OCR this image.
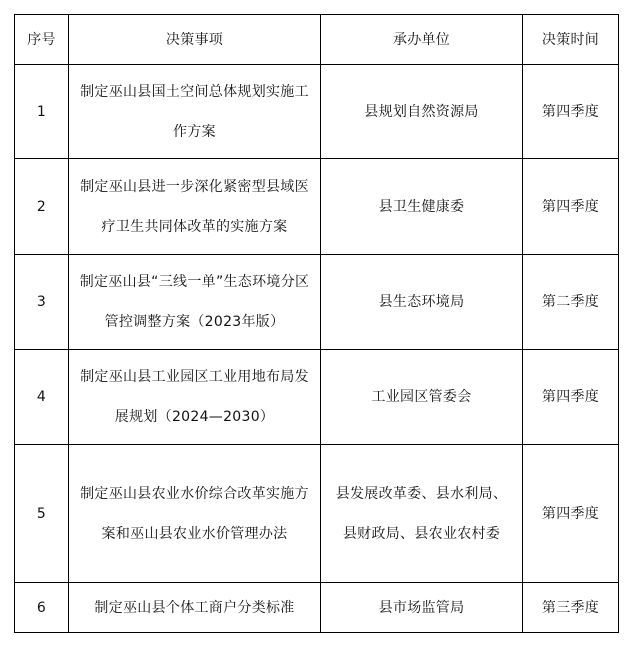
序号	决策事项	承办单位	决策时间
1	制定巫山县国土空间总体规划实施工作方案	县规划自然资源局	第四季度
2	制定巫山县进一步深化紧密型县域医疗卫生共同体改革的实施方案	县卫生健康委	第四季度
3	制定巫山县“三线一单”生态环境分区管控调整方案（2023年版）	县生态环境局	第二季度
4	制定巫山县工业园区工业用地布局发展规划（2024—2030）	工业园区管委会	第四季度
5	制定巫山县农业水价综合改革实施方案和巫山县农业水价管理办法	县发展改革委、县水利局、县财政局、县农业农村委	第四季度
6	制定巫山县个体工商户分类标准	县市场监管局	第三季度
